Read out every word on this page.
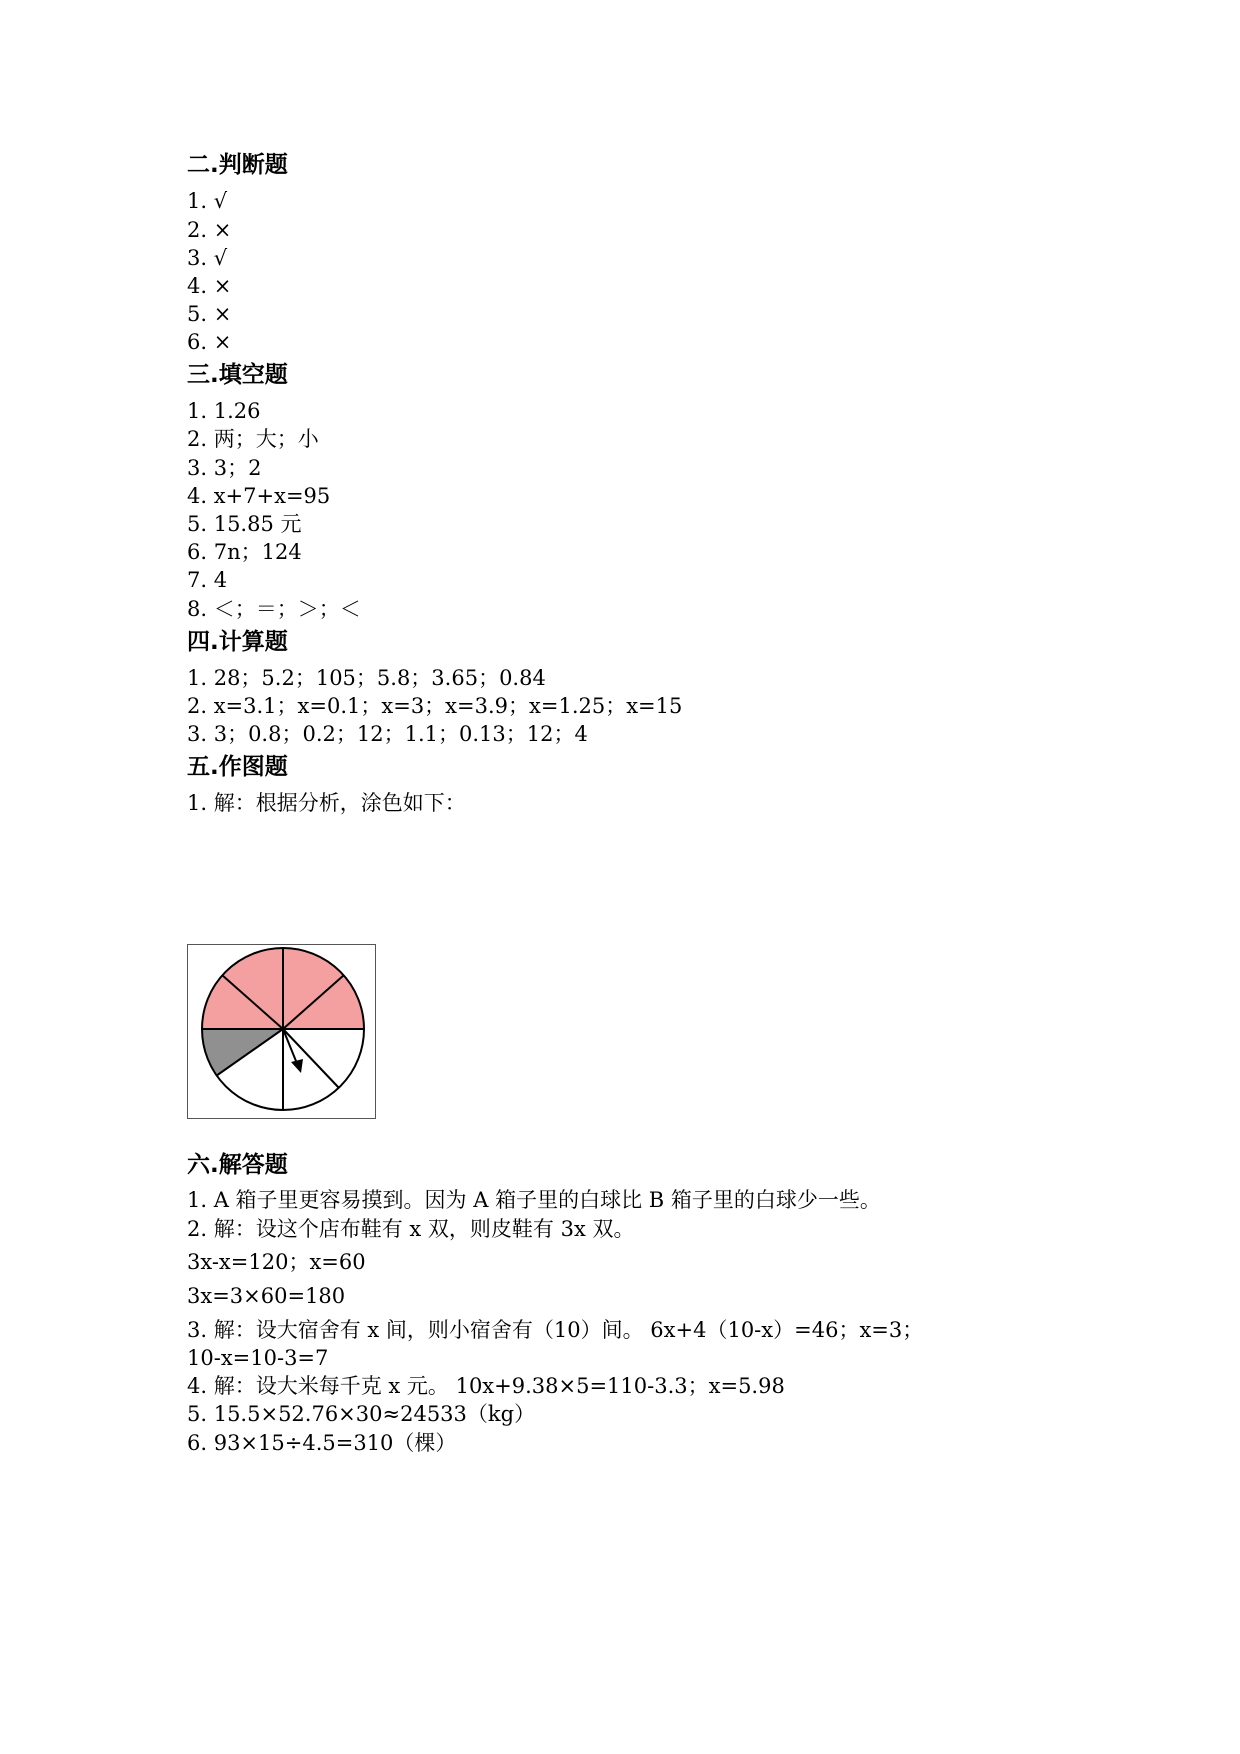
二.判断题
1. √
2. ×
3. √
4. ×
5. ×
6. ×
三.填空题
1. 1.26
2. 两；大；小
3. 3；2
4. x+7+x=95
5. 15.85 元
6. 7n；124
7. 4
8. ＜；＝；＞；＜
四.计算题
1. 28；5.2；105；5.8；3.65；0.84
2. x=3.1；x=0.1；x=3；x=3.9；x=1.25；x=15
3. 3；0.8；0.2；12；1.1；0.13；12；4
五.作图题
1. 解：根据分析，涂色如下：
六.解答题
1. A 箱子里更容易摸到。因为 A 箱子里的白球比 B 箱子里的白球少一些。
2. 解：设这个店布鞋有 x 双，则皮鞋有 3x 双。
3x-x=120；x=60
3x=3×60=180
3. 解：设大宿舍有 x 间，则小宿舍有（10）间。 6x+4（10-x）=46；x=3；
10-x=10-3=7
4. 解：设大米每千克 x 元。 10x+9.38×5=110-3.3；x=5.98
5. 15.5×52.76×30≈24533（kg）
6. 93×15÷4.5=310（棵）
